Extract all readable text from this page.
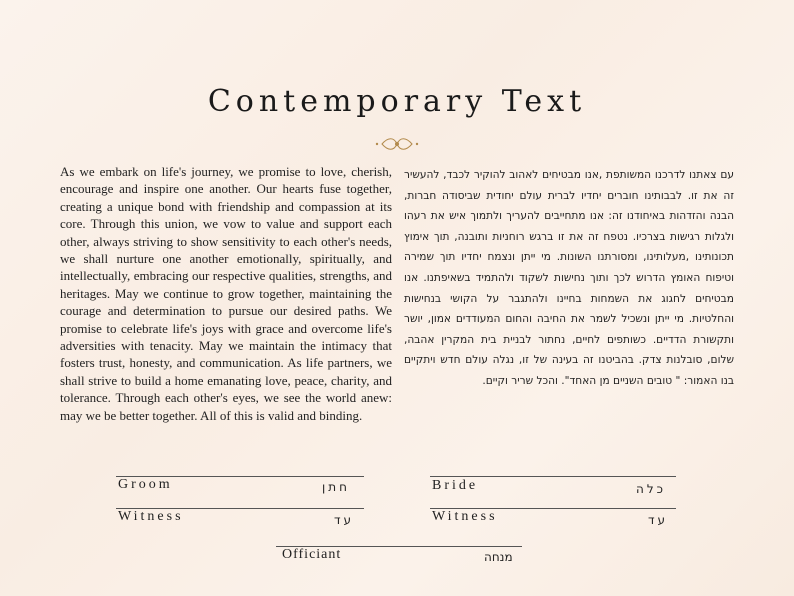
Contemporary Text
As we embark on life's journey, we promise to love, cherish, encourage and inspire one another. Our hearts fuse together, creating a unique bond with friendship and compassion at its core. Through this union, we vow to value and support each other, always striving to show sensitivity to each other's needs, we shall nurture one another emotionally, spiritually, and intellectually, embracing our respective qualities, strengths, and heritages. May we continue to grow together, maintaining the courage and determination to pursue our desired paths. We promise to celebrate life's joys with grace and overcome life's adversities with tenacity. May we maintain the intimacy that fosters trust, honesty, and communication. As life partners, we shall strive to build a home emanating love, peace, charity, and tolerance. Through each other's eyes, we see the world anew: may we be better together. All of this is valid and binding.
עם צאתנו לדרכנו המשותפת ,אנו מבטיחים לאהוב להוקיר לכבד, להעשיר זה את זו. לבבותינו חוברים יחדיו לברית עולם יחודית שביסודה חברות, הבנה והזדהות באיחודנו זה: אנו מתחייבים להעריך ולתמוך איש את רעהו ולגלות רגישות בצרכיו. נטפח זה את זו ברגש רוחניות ותובנה, תוך אימוץ תכונותינו ,מעלותינו, ומסורתנו השונות. מי ייתן ונצמח יחדיו תוך שמירה וטיפוח האומץ הדרוש לכך ותוך נחישות לשקוד ולהתמיד בשאיפתנו. אנו מבטיחים לחגוג את השמחות בחיינו ולהתגבר על הקושי בנחישות והחלטיות. מי ייתן ונשכיל לשמר את החיבה והחום המעודדים אמון, יושר ותקשורת הדדיים. כשותפים לחיים, נחתור לבניית בית המקרין אהבה, שלום, סובלנות צדק. בהביטנו זה בעינה של זו, נגלה עולם חדש ויתקיים בנו האמור: " טובים השניים מן האחד". והכל שריר וקיים.
Groom	חתן	Bride	כלה
Witness	עד	Witness	עד
Officiant	מנחה
